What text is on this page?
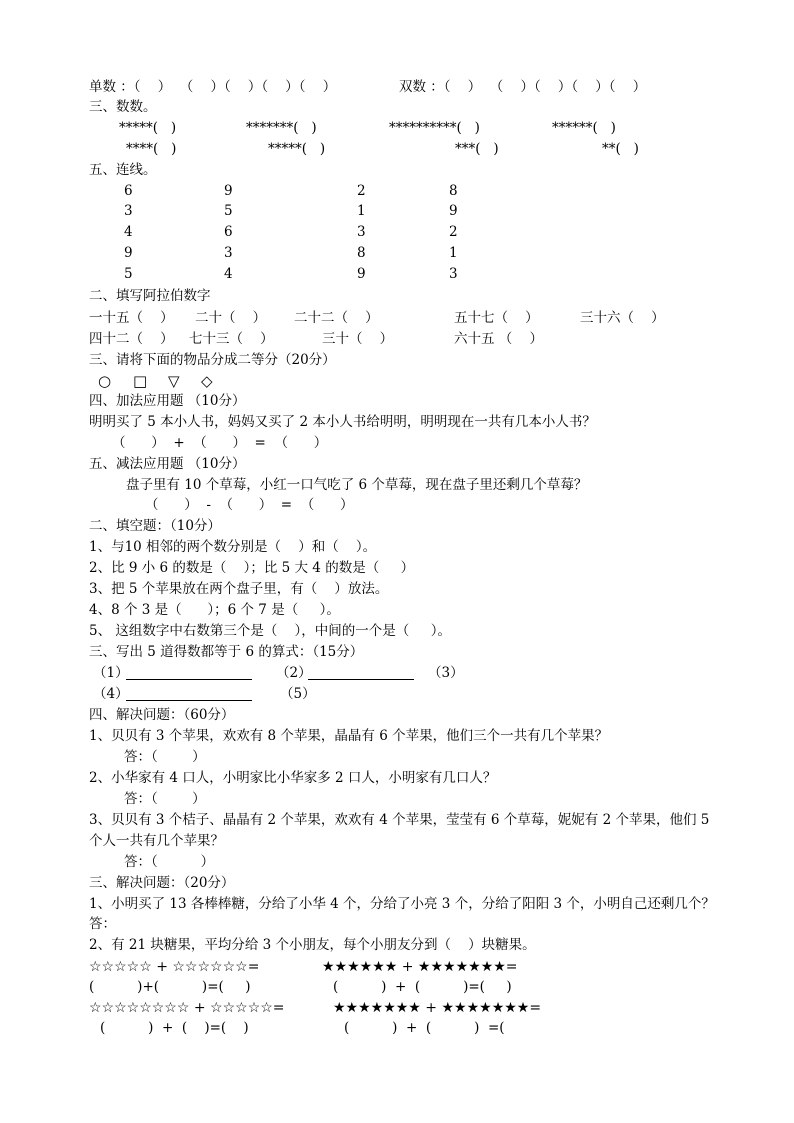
单数 ：（    ）  （    ）（    ）（    ）（    ）	双数 ：（    ）  （    ）（    ）（    ）（    ）
三、数数。
*****(   )	*******(   )	**********(   )	******(   )
****(   )	*****(   )	***(   )	**(   )
五、连线。
6	9	2	8
3	5	1	9
4	6	3	2
9	3	8	1
5	4	9	3
二、填写阿拉伯数字
一十五（    ） 二十（    ） 二十二（    ）	五十七（    ）	三十六（    ）
四十二（    ） 七十三（    ）	三十（    ）	六十五 （    ）
三、请将下面的物品分成二等分（20分）
○ □ ▽ ◇
四、加法应用题 （10分）
明明买了 5 本小人书，妈妈又买了 2 本小人书给明明，明明现在一共有几本小人书？
（      ）  +  （      ）  =  （      ）
五、减法应用题 （10分）
盘子里有 10 个草莓，小红一口气吃了 6 个草莓，现在盘子里还剩几个草莓？
（      ）  -  （      ）  =  （      ）
二、填空题：（10分）
1、与10 相邻的两个数分别是（    ）和（    ）。
2、比 9 小 6 的数是（    ）；比 5 大 4 的数是（     ）
3、把 5 个苹果放在两个盘子里，有（    ）放法。
4、8 个 3 是（      ）；6 个 7 是（     ）。
5、 这组数字中右数第三个是（    ），中间的一个是（     ）。
三、写出 5 道得数都等于 6 的算式：（15分）
（1）	（2）	（3）
（4）	（5）
四、解决问题：（60分）
1、贝贝有 3 个苹果，欢欢有 8 个苹果，晶晶有 6 个苹果，他们三个一共有几个苹果？
答：（        ）
2、小华家有 4 口人，小明家比小华家多 2 口人，小明家有几口人？
答：（        ）
3、贝贝有 3 个桔子、晶晶有 2 个苹果，欢欢有 4 个苹果，莹莹有 6 个草莓，妮妮有 2 个苹果，他们 5
个人一共有几个苹果？
答：（          ）
三、解决问题：（20分）
1、小明买了 13 各棒棒糖，分给了小华 4 个，分给了小亮 3 个，分给了阳阳 3 个，小明自己还剩几个？
答：
2、有 21 块糖果，平均分给 3 个小朋友，每个小朋友分到（    ）块糖果。
☆☆☆☆☆ + ☆☆☆☆☆☆=	★★★★★★ + ★★★★★★★=
(          )+(          )=(     )	(          )  +  (          )=(     )
☆☆☆☆☆☆☆☆ + ☆☆☆☆☆=	★★★★★★★ + ★★★★★★★=
(          )  +  (    )=(    )	(          )  +  (          )  =(
